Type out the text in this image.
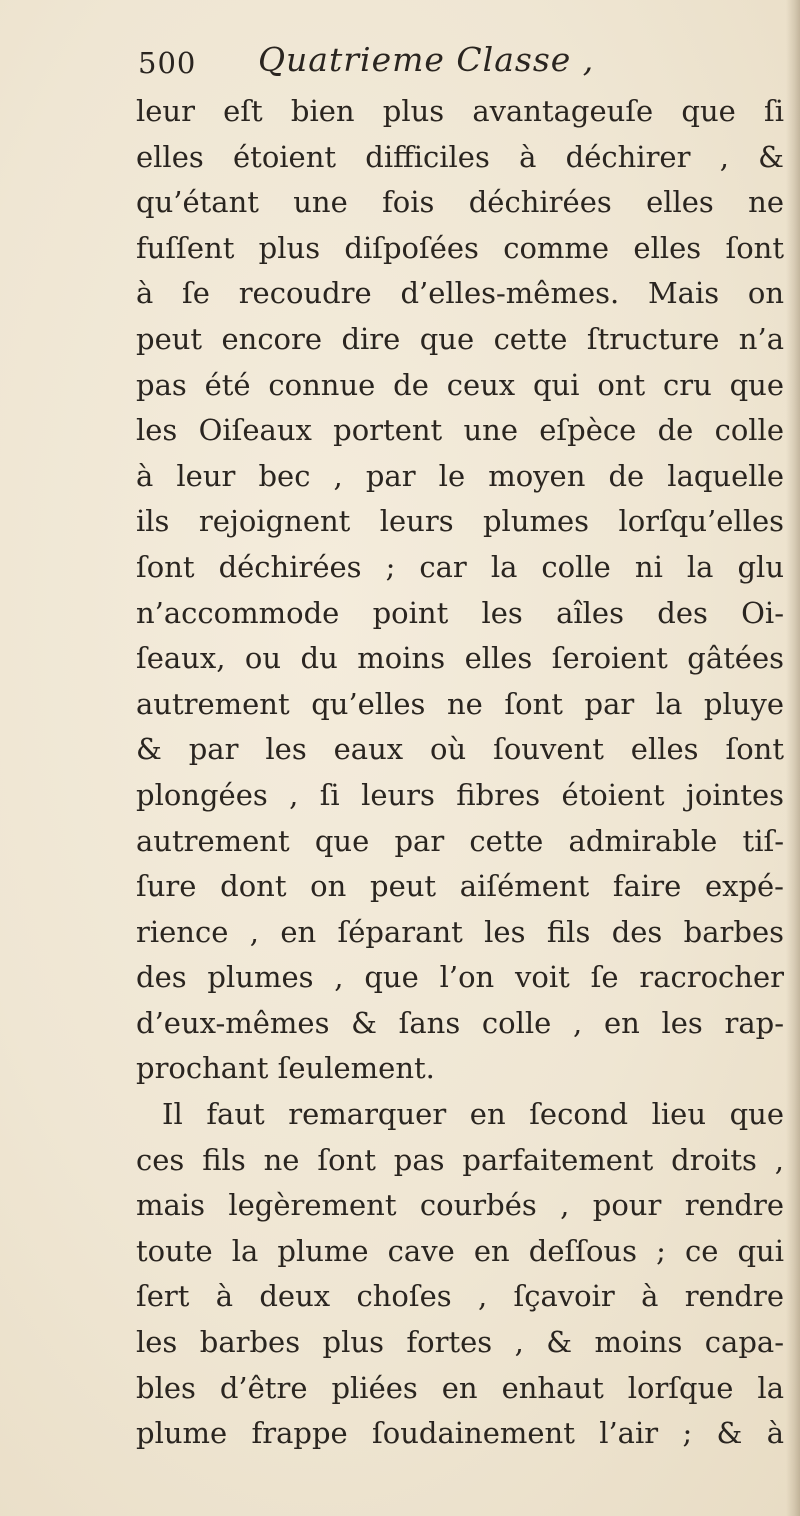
500 Quatrieme Classe ,
leur eſt bien plus avantageuſe que ſi
elles étoient difficiles à déchirer , &
qu’étant une fois déchirées elles ne
fuſſent plus diſpoſées comme elles ſont
à ſe recoudre d’elles-mêmes. Mais on
peut encore dire que cette ſtructure n’a
pas été connue de ceux qui ont cru que
les Oiſeaux portent une eſpèce de colle
à leur bec , par le moyen de laquelle
ils rejoignent leurs plumes lorſqu’elles
ſont déchirées ; car la colle ni la glu
n’accommode point les aîles des Oi-
ſeaux, ou du moins elles ſeroient gâtées
autrement qu’elles ne ſont par la pluye
& par les eaux où ſouvent elles ſont
plongées , ſi leurs fibres étoient jointes
autrement que par cette admirable tiſ-
ſure dont on peut aiſément faire expé-
rience , en ſéparant les fils des barbes
des plumes , que l’on voit ſe racrocher
d’eux-mêmes & ſans colle , en les rap-
prochant ſeulement.
Il faut remarquer en ſecond lieu que
ces fils ne ſont pas parfaitement droits ,
mais legèrement courbés , pour rendre
toute la plume cave en deſſous ; ce qui
ſert à deux choſes , ſçavoir à rendre
les barbes plus fortes , & moins capa-
bles d’être pliées en enhaut lorſque la
plume frappe ſoudainement l’air ; & à
